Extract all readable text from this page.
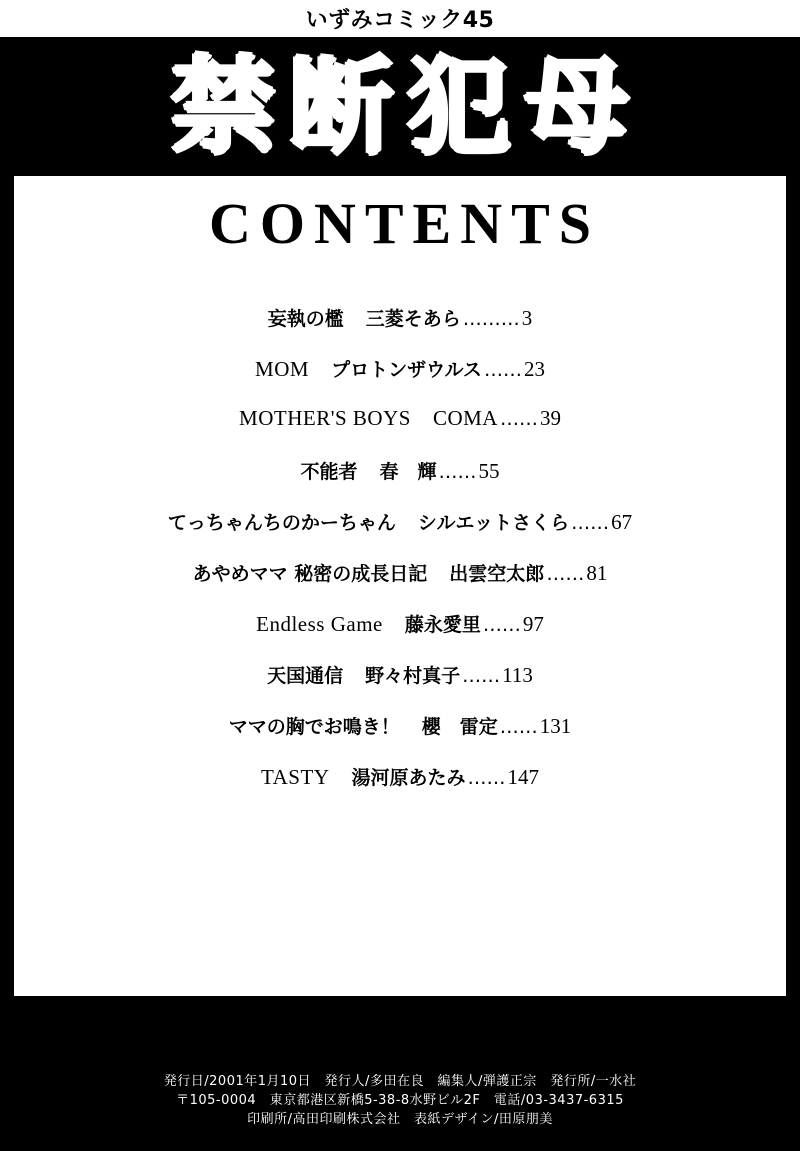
いずみコミック45
禁断犯母
CONTENTS
妄執の檻 三菱そあら ……… 3
MOM プロトンザウルス …… 23
MOTHER'S BOYS COMA …… 39
不能者 春　輝 …… 55
てっちゃんちのかーちゃん シルエットさくら …… 67
あやめママ 秘密の成長日記 出雲空太郎 …… 81
Endless Game 藤永愛里 …… 97
天国通信 野々村真子 …… 113
ママの胸でお鳴き！ 櫻　雷定 …… 131
TASTY 湯河原あたみ …… 147
発行日/2001年1月10日　発行人/多田在良　編集人/弾護正宗　発行所/一水社
〒105-0004　東京都港区新橋5-38-8水野ビル2F　電話/03-3437-6315
印刷所/高田印刷株式会社　表紙デザイン/田原朋美
